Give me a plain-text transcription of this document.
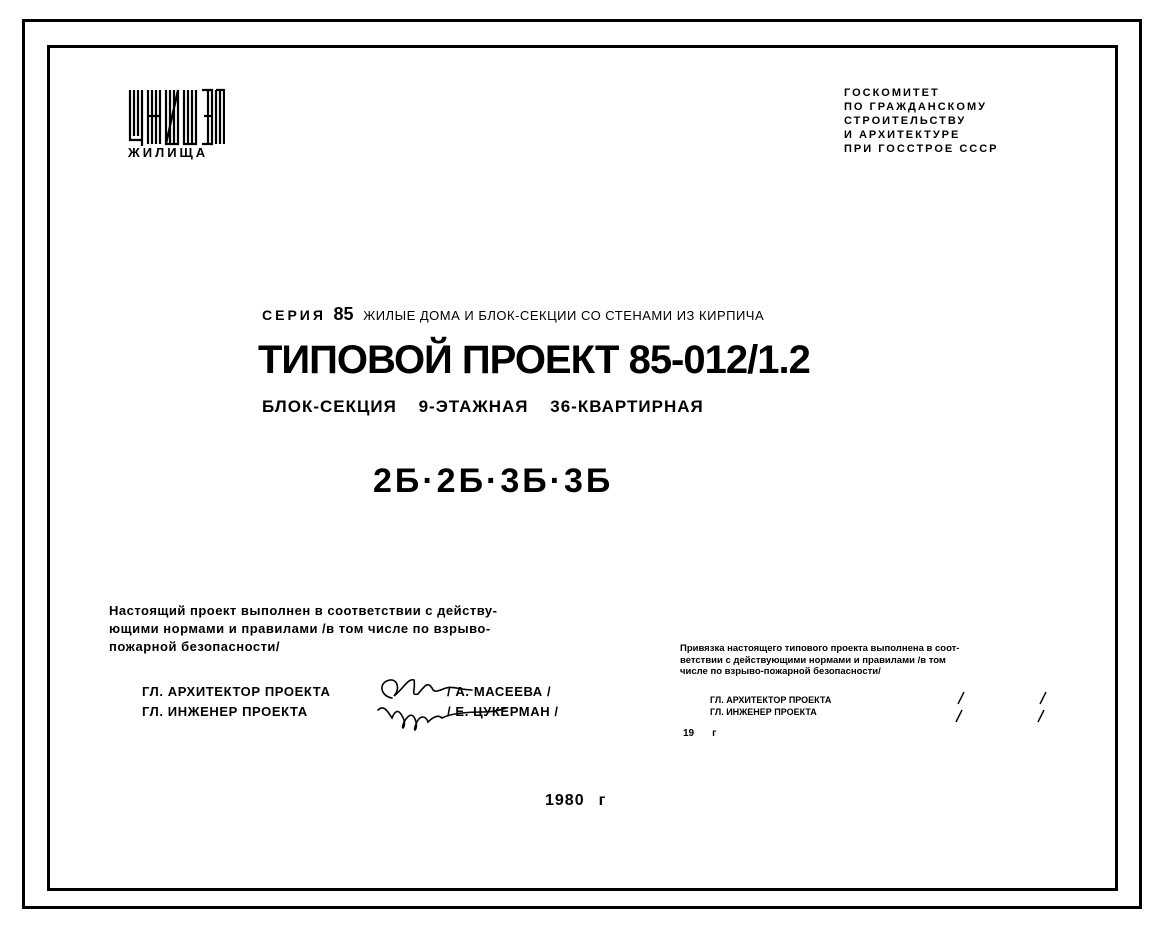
ЖИЛИЩА
ГОСКОМИТЕТ
ПО ГРАЖДАНСКОМУ
СТРОИТЕЛЬСТВУ
И АРХИТЕКТУРЕ
ПРИ ГОССТРОЕ СССР
СЕРИЯ 85 ЖИЛЫЕ ДОМА И БЛОК-СЕКЦИИ СО СТЕНАМИ ИЗ КИРПИЧА
ТИПОВОЙ ПРОЕКТ 85-012/1.2
БЛОК-СЕКЦИЯ 9-ЭТАЖНАЯ 36-КВАРТИРНАЯ
2Б·2Б·3Б·3Б
Настоящий проект выполнен в соответствии с действу-
ющими нормами и правилами /в том числе по взрыво-
пожарной безопасности/
ГЛ. АРХИТЕКТОР ПРОЕКТА	/ А. МАСЕЕВА /
ГЛ. ИНЖЕНЕР ПРОЕКТА	/ Е. ЦУКЕРМАН /
Привязка настоящего типового проекта выполнена в соот-
ветствии с действующими нормами и правилами /в том
числе по взрыво-пожарной безопасности/
ГЛ. АРХИТЕКТОР ПРОЕКТА
ГЛ. ИНЖЕНЕР ПРОЕКТА
19 г
1980 г
